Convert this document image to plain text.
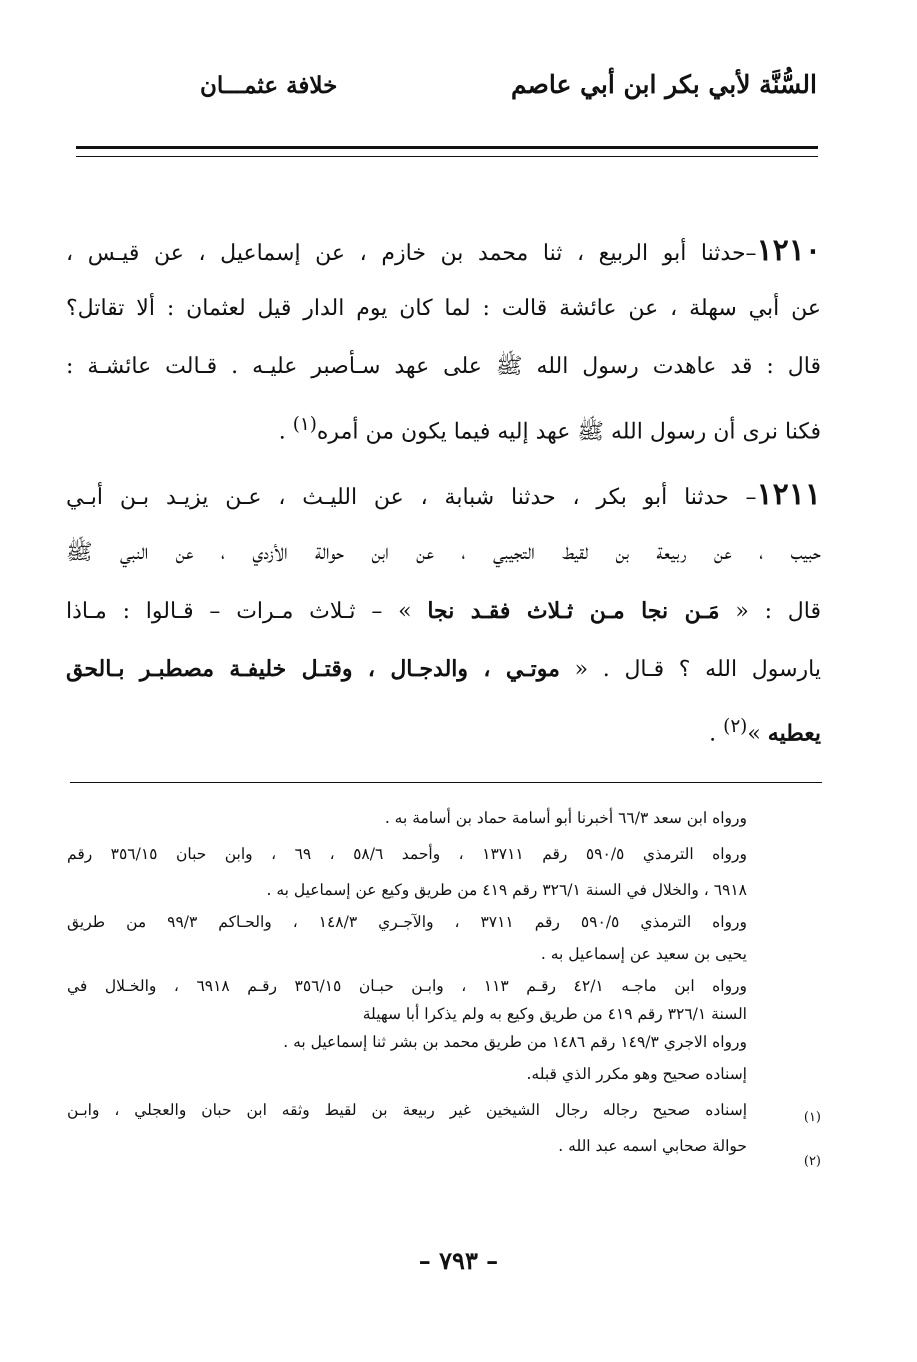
السُّنَّة لأبي بكر ابن أبي عاصم
خلافة عثمـــان
١٢١٠–حدثنا أبو الربيع ، ثنا محمد بن خازم ، عن إسماعيل ، عن قيـس ،
عن أبي سهلة ، عن عائشة قالت : لما كان يوم الدار قيل لعثمان : ألا تقاتل؟
قال : قد عاهدت رسول الله ﷺ على عهد سـأصبر عليـه . قـالت عائشـة :
فكنا نرى أن رسول الله ﷺ عهد إليه فيما يكون من أمره$^{(١)}$ .
١٢١١– حدثنا أبو بكر ، حدثنا شبابة ، عن الليـث ، عـن يزيـد بـن أبـي
حبيب ، عن ربيعة بن لقيط التجيبي ، عن ابن حوالة الأزدي ، عن النبي ﷺ
قال : « مَـن نجا مـن ثـلاث فقـد نجا » – ثـلاث مـرات – قـالوا : مـاذا
يارسول الله ؟ قـال . « موتـي ، والدجـال ، وقتـل خليفـة مصطبـر بـالحق
يعطيه »$^{(٢)}$ .
ورواه ابن سعد ٦٦/٣ أخبرنا أبو أسامة حماد بن أسامة به .
ورواه الترمذي ٥٩٠/٥ رقم ١٣٧١١ ، وأحمد ٥٨/٦ ، ٦٩ ، وابن حبان ٣٥٦/١٥ رقم
٦٩١٨ ، والخلال في السنة ٣٢٦/١ رقم ٤١٩ من طريق وكيع عن إسماعيل به .
ورواه الترمذي ٥٩٠/٥ رقم ٣٧١١ ، والآجـري ١٤٨/٣ ، والحـاكم ٩٩/٣ من طريق
يحيى بن سعيد عن إسماعيل به .
ورواه ابن ماجـه ٤٢/١ رقـم ١١٣ ، وابـن حبـان ٣٥٦/١٥ رقـم ٦٩١٨ ، والخـلال في
السنة ٣٢٦/١ رقم ٤١٩ من طريق وكيع به ولم يذكرا أبا سهيلة
ورواه الاجري ١٤٩/٣ رقم ١٤٨٦ من طريق محمد بن بشر ثنا إسماعيل به .
إسناده صحيح وهو مكرر الذي قبله.
إسناده صحيح رجاله رجال الشيخين غير ربيعة بن لقيط وثقه ابن حبان والعجلي ، وابـن
حوالة صحابي اسمه عبد الله .
(١)
(٢)
– ٧٩٣ –
